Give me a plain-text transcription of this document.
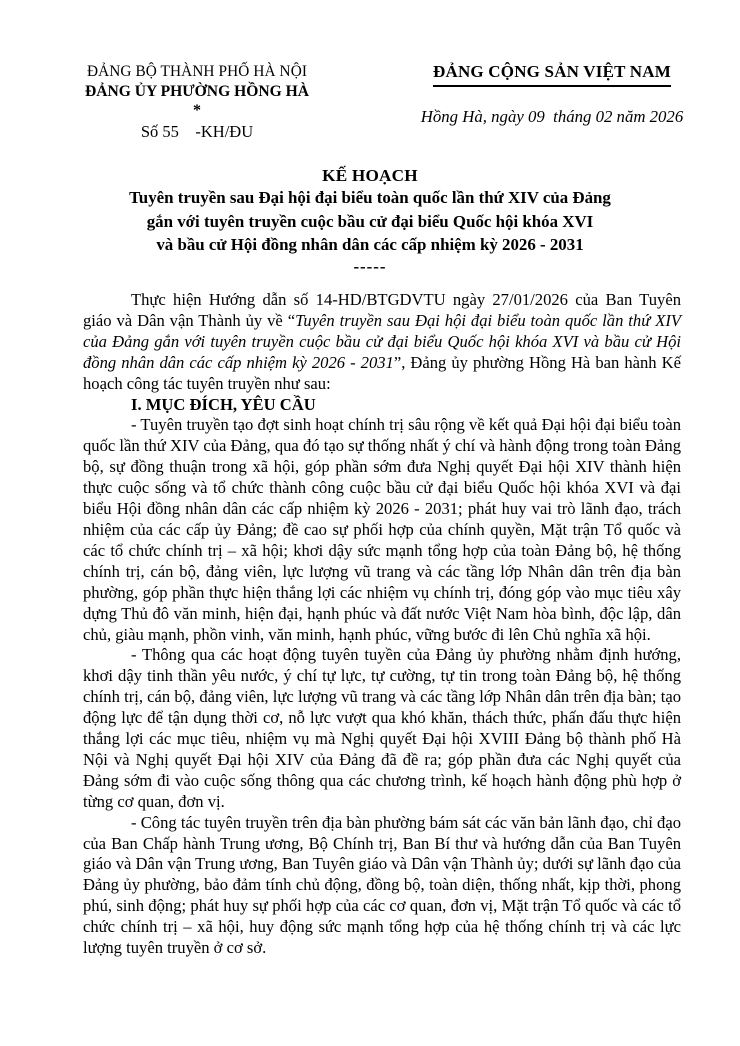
ĐẢNG BỘ THÀNH PHỐ HÀ NỘI
ĐẢNG ỦY PHƯỜNG HỒNG HÀ
*
Số 55    -KH/ĐU
ĐẢNG CỘNG SẢN VIỆT NAM
Hồng Hà, ngày 09  tháng 02 năm 2026
KẾ HOẠCH
Tuyên truyền sau Đại hội đại biểu toàn quốc lần thứ XIV của Đảng
gắn với tuyên truyền cuộc bầu cử đại biểu Quốc hội khóa XVI
và bầu cử Hội đồng nhân dân các cấp nhiệm kỳ 2026 - 2031
-----

Thực hiện Hướng dẫn số 14-HD/BTGDVTU ngày 27/01/2026 của Ban Tuyên giáo và Dân vận Thành ủy về “Tuyên truyền sau Đại hội đại biểu toàn quốc lần thứ XIV của Đảng gắn với tuyên truyền cuộc bầu cử đại biểu Quốc hội khóa XVI và bầu cử Hội đồng nhân dân các cấp nhiệm kỳ 2026 - 2031”, Đảng ủy phường Hồng Hà ban hành Kế hoạch công tác tuyên truyền như sau:

I. MỤC ĐÍCH, YÊU CẦU

- Tuyên truyền tạo đợt sinh hoạt chính trị sâu rộng về kết quả Đại hội đại biểu toàn quốc lần thứ XIV của Đảng, qua đó tạo sự thống nhất ý chí và hành động trong toàn Đảng bộ, sự đồng thuận trong xã hội, góp phần sớm đưa Nghị quyết Đại hội XIV thành hiện thực cuộc sống và tổ chức thành công cuộc bầu cử đại biểu Quốc hội khóa XVI và đại biểu Hội đồng nhân dân các cấp nhiệm kỳ 2026 - 2031; phát huy vai trò lãnh đạo, trách nhiệm của các cấp ủy Đảng; đề cao sự phối hợp của chính quyền, Mặt trận Tổ quốc và các tổ chức chính trị – xã hội; khơi dậy sức mạnh tổng hợp của toàn Đảng bộ, hệ thống chính trị, cán bộ, đảng viên, lực lượng vũ trang và các tầng lớp Nhân dân trên địa bàn phường, góp phần thực hiện thắng lợi các nhiệm vụ chính trị, đóng góp vào mục tiêu xây dựng Thủ đô văn minh, hiện đại, hạnh phúc và đất nước Việt Nam hòa bình, độc lập, dân chủ, giàu mạnh, phồn vinh, văn minh, hạnh phúc, vững bước đi lên Chủ nghĩa xã hội.

- Thông qua các hoạt động tuyên tuyền của Đảng ủy phường nhằm định hướng, khơi dậy tinh thần yêu nước, ý chí tự lực, tự cường, tự tin trong toàn Đảng bộ, hệ thống chính trị, cán bộ, đảng viên, lực lượng vũ trang và các tầng lớp Nhân dân trên địa bàn; tạo động lực để tận dụng thời cơ, nỗ lực vượt qua khó khăn, thách thức, phấn đấu thực hiện thắng lợi các mục tiêu, nhiệm vụ mà Nghị quyết Đại hội XVIII Đảng bộ thành phố Hà Nội và Nghị quyết Đại hội XIV của Đảng đã đề ra; góp phần đưa các Nghị quyết của Đảng sớm đi vào cuộc sống thông qua các chương trình, kế hoạch hành động phù hợp ở từng cơ quan, đơn vị.

- Công tác tuyên truyền trên địa bàn phường bám sát các văn bản lãnh đạo, chỉ đạo của Ban Chấp hành Trung ương, Bộ Chính trị, Ban Bí thư và hướng dẫn của Ban Tuyên giáo và Dân vận Trung ương, Ban Tuyên giáo và Dân vận Thành ủy; dưới sự lãnh đạo của Đảng ủy phường, bảo đảm tính chủ động, đồng bộ, toàn diện, thống nhất, kịp thời, phong phú, sinh động; phát huy sự phối hợp của các cơ quan, đơn vị, Mặt trận Tổ quốc và các tổ chức chính trị – xã hội, huy động sức mạnh tổng hợp của hệ thống chính trị và các lực lượng tuyên truyền ở cơ sở.
